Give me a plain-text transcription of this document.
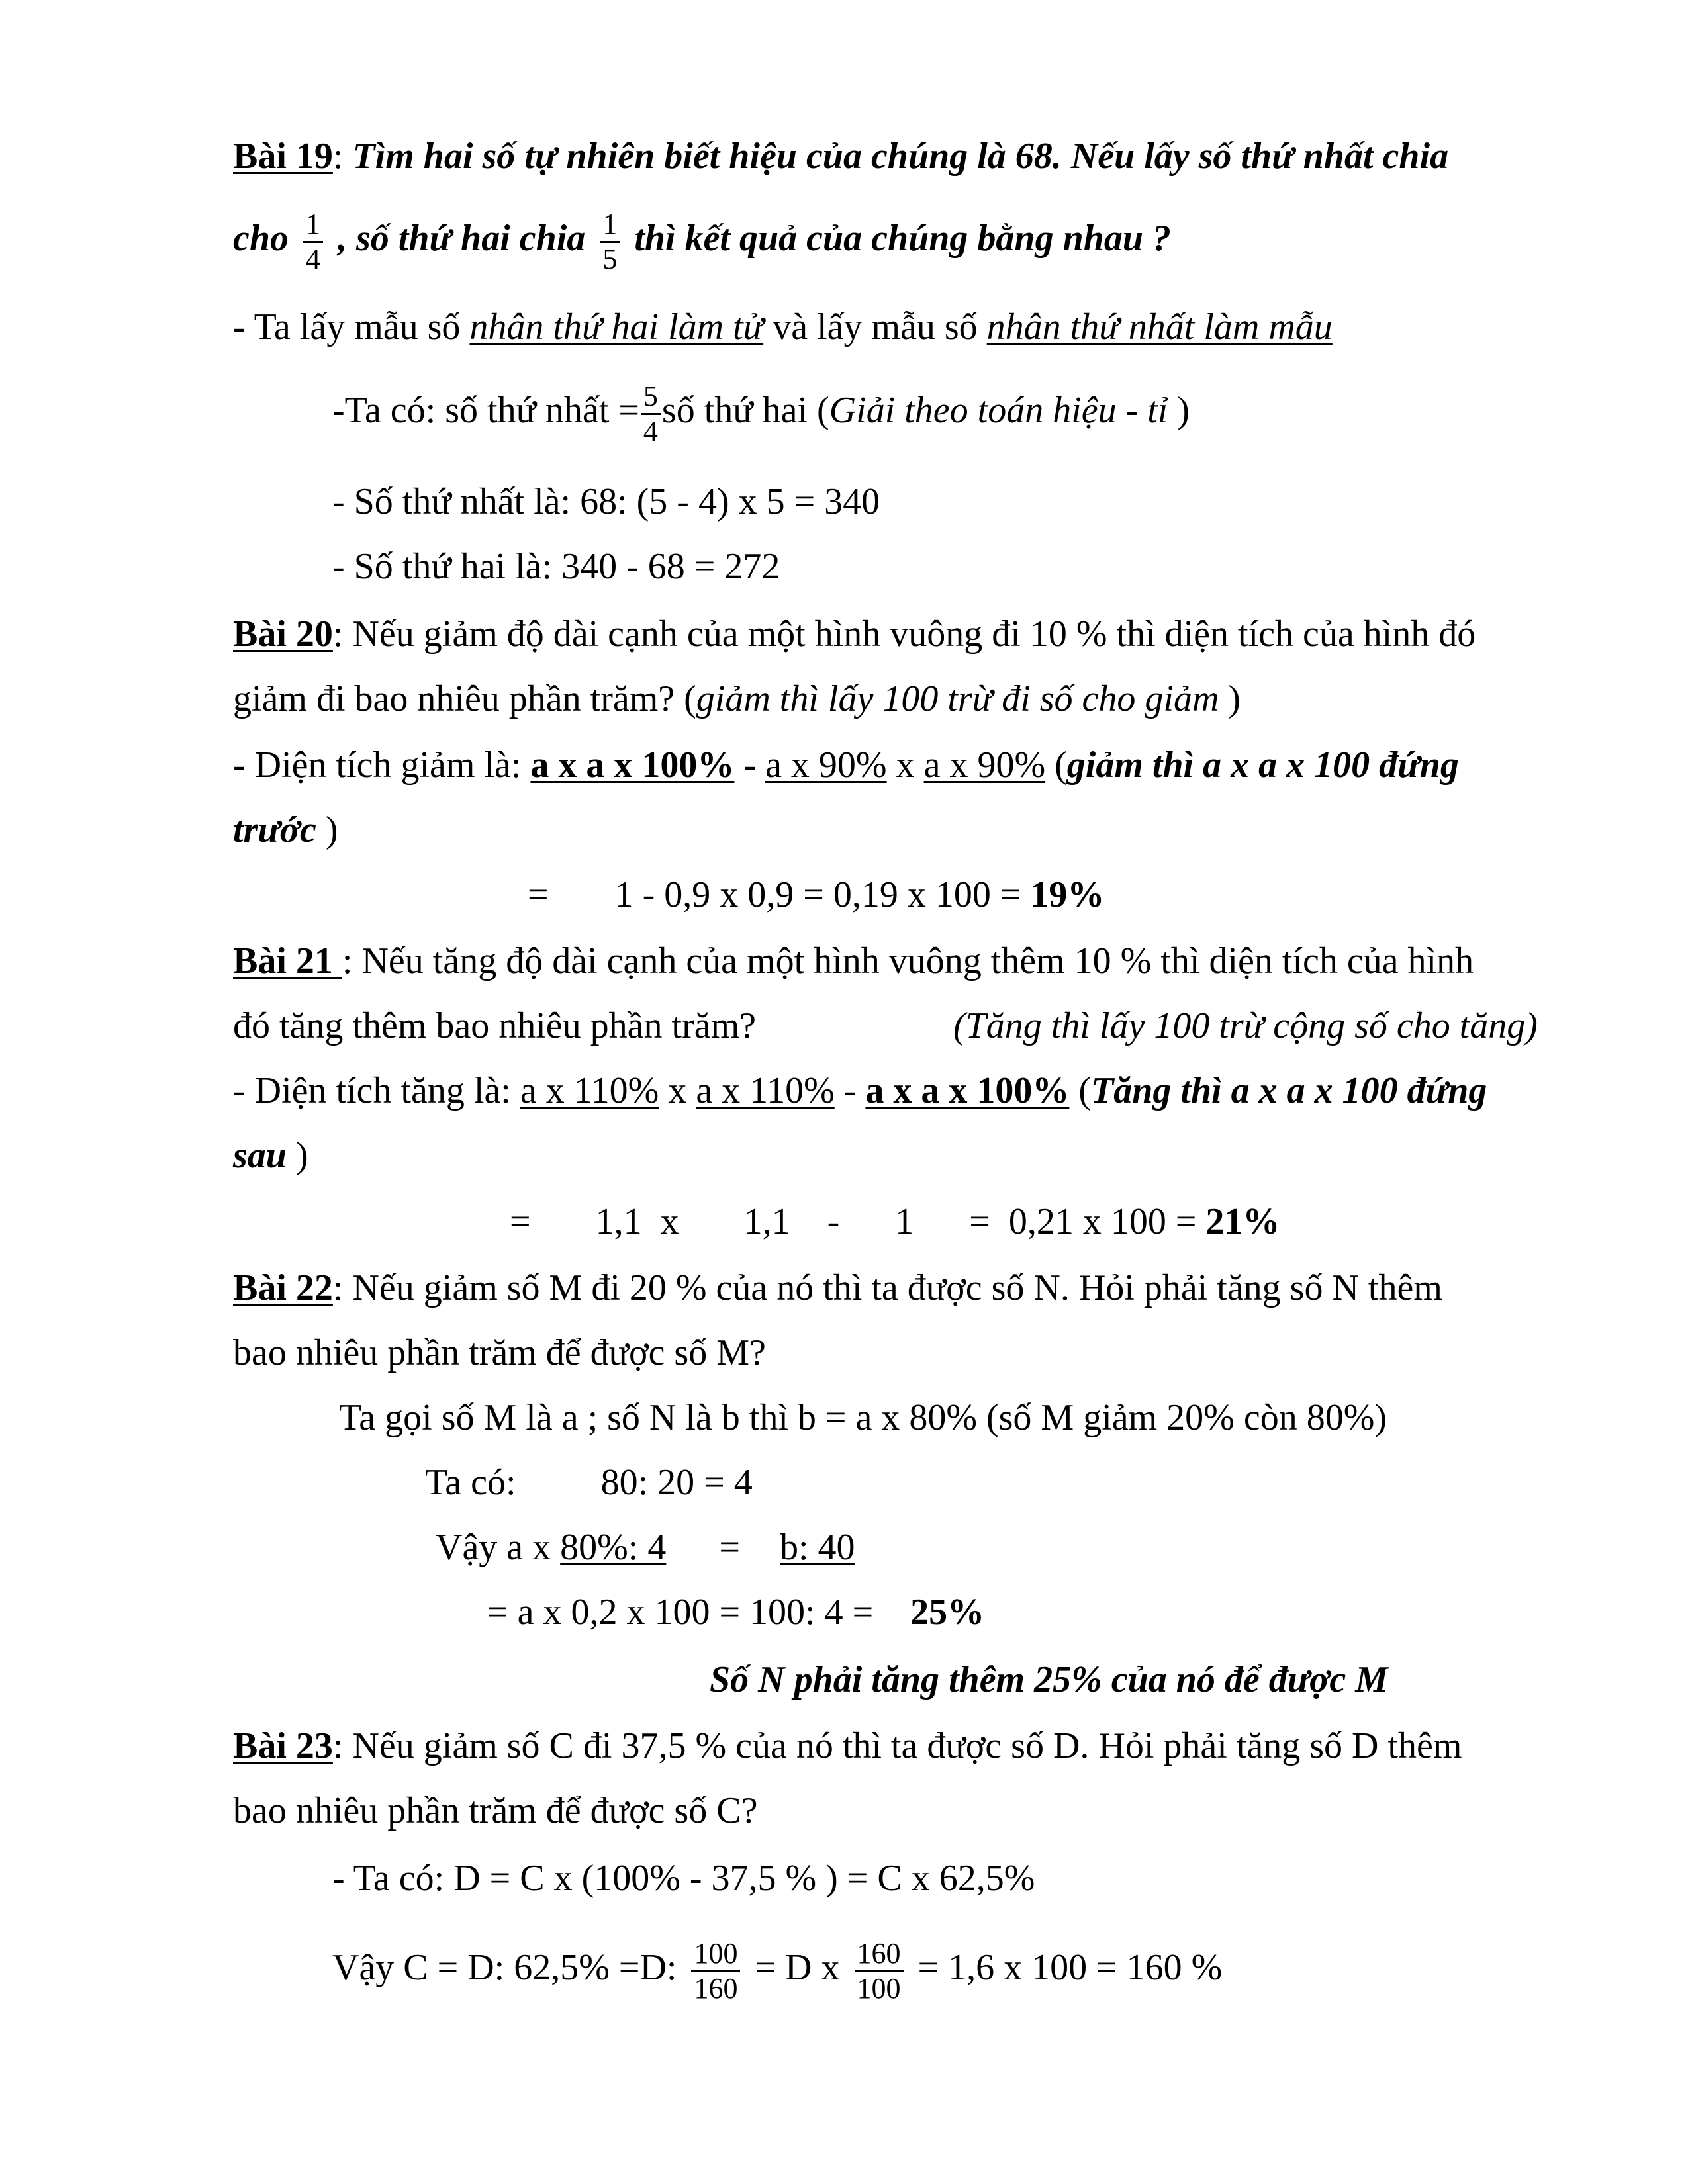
Bài 19: Tìm hai số tự nhiên biết hiệu của chúng là 68. Nếu lấy số thứ nhất chia
cho $\frac{1}{4}$ , số thứ hai chia $\frac{1}{5}$ thì kết quả của chúng bằng nhau ?
- Ta lấy mẫu số nhân thứ hai làm tử và lấy mẫu số nhân thứ nhất làm mẫu
-Ta có: số thứ nhất = $\frac{5}{4}$ số thứ hai (Giải theo toán hiệu - tỉ )
- Số thứ nhất là: 68: (5 - 4) x 5 = 340
- Số thứ hai là: 340 - 68 = 272
Bài 20: Nếu giảm độ dài cạnh của một hình vuông đi 10 % thì diện tích của hình đó
giảm đi bao nhiêu phần trăm? (giảm thì lấy 100 trừ đi số cho giảm )
- Diện tích giảm là: a x a x 100% - a x 90% x a x 90% (giảm thì a x a x 100 đứng
trước )
= 1 - 0,9 x 0,9 = 0,19 x 100 = 19%
Bài 21 : Nếu tăng độ dài cạnh của một hình vuông thêm 10 % thì diện tích của hình
đó tăng thêm bao nhiêu phần trăm?	(Tăng thì lấy 100 trừ cộng số cho tăng)
- Diện tích tăng là: a x 110% x a x 110% - a x a x 100% (Tăng thì a x a x 100 đứng
sau )
=       1,1  x       1,1    -      1      =  0,21 x 100 = 21%
Bài 22: Nếu giảm số M đi 20 % của nó thì ta được số N. Hỏi phải tăng số N thêm
bao nhiêu phần trăm để được số M?
Ta gọi số M là a ; số N là b thì b = a x 80% (số M giảm 20% còn 80%)
Ta có: 80: 20 = 4
Vậy a x 80%: 4 = b: 40
= a x 0,2 x 100 = 100: 4 = 25%
Số N phải tăng thêm 25% của nó để được M
Bài 23: Nếu giảm số C đi 37,5 % của nó thì ta được số D. Hỏi phải tăng số D thêm
bao nhiêu phần trăm để được số C?
- Ta có: D = C x (100% - 37,5 % ) = C x 62,5%
Vậy C = D: 62,5% =D: $\frac{100}{160} = D$ x $\frac{160}{100} = 1,6$ x 100 = 160 %
